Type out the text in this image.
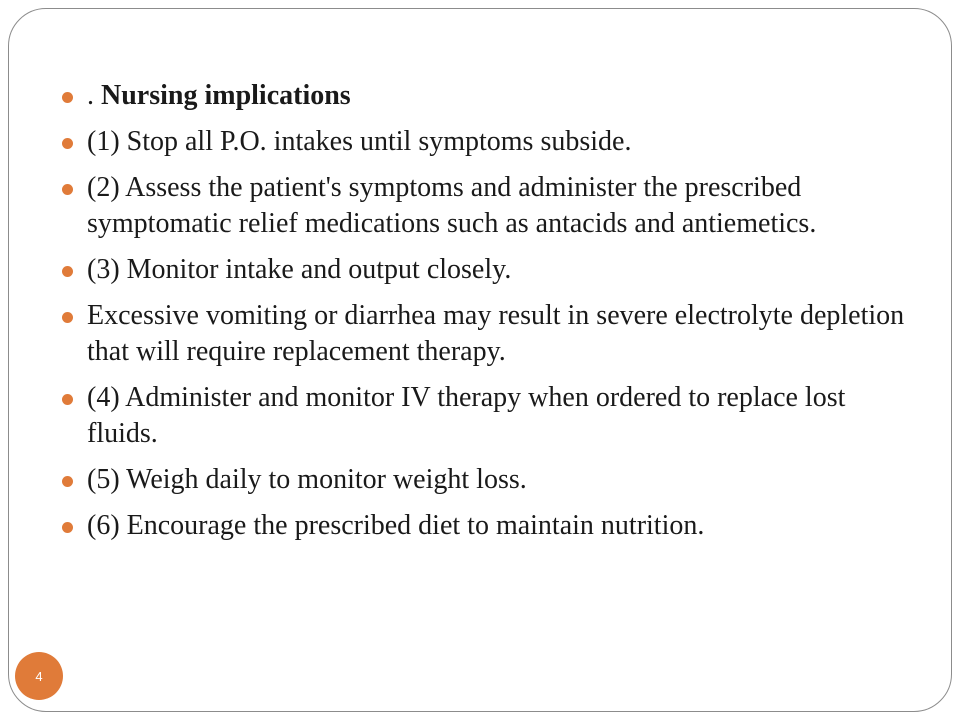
. Nursing implications
(1) Stop all P.O. intakes until symptoms subside.
(2) Assess the patient's symptoms and administer the prescribed symptomatic relief medications such as antacids and antiemetics.
(3) Monitor intake and output closely.
Excessive vomiting or diarrhea may result in severe electrolyte depletion that will require replacement therapy.
(4) Administer and monitor IV therapy when ordered to replace lost fluids.
(5) Weigh daily to monitor weight loss.
(6) Encourage the prescribed diet to maintain nutrition.
4
